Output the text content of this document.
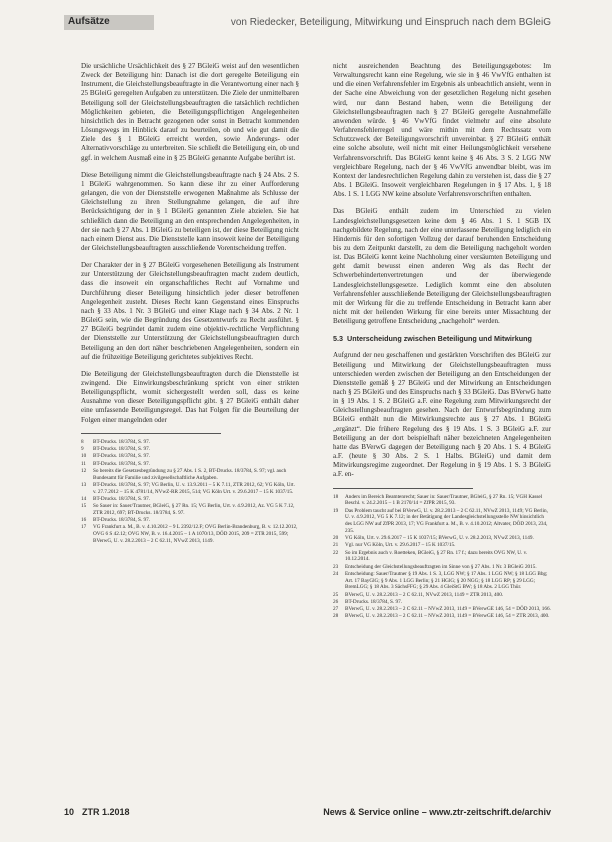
Aufsätze	von Riedecker, Beteiligung, Mitwirkung und Einspruch nach dem BGleiG

Die ursächliche Ursächlichkeit des § 27 BGleiG weist auf den wesentlichen Zweck der Beteiligung hin: Danach ist die dort geregelte Beteiligung ein Instrument, die Gleichstellungsbeauftragte in die Verantwortung einer nach § 25 BGleiG geregelten Aufgaben zu unterstützen. Die Ziele der unmittelbaren Beteiligung soll der Gleichstellungsbeauftragten die tatsächlich rechtlichen Möglichkeiten gebieten, die Beteiligungspflichtigen Angelegenheiten hinsichtlich des in Betracht gezogenen oder sonst in Betracht kommenden Lösungswegs im Hinblick darauf zu beurteilen, ob und wie gut damit die Ziele des § 1 BGleiG erreicht werden, sowie Änderungs- oder Alternativvorschläge zu unterbreiten. Sie schließt die Beteiligung ein, ob und ggf. in welchem Ausmaß eine in § 25 BGleiG genannte Aufgabe berührt ist.

Diese Beteiligung nimmt die Gleichstellungsbeauftragte nach § 24 Abs. 2 S. 1 BGleiG wahrgenommen. So kann diese ihr zu einer Aufforderung gelangen, die von der Dienststelle erwogenen Maßnahme als Schlusse der Gleichstellung zu ihren Stellungnahme gelangen, die auf ihre Berücksichtigung der in § 1 BGleiG genannten Ziele abzielen. Sie hat schließlich dann die Beteiligung an den entsprechenden Angelegenheiten, in der sie nach § 27 Abs. 1 BGleiG zu beteiligen ist, der diese Beteiligung nicht nach einem Dienst aus. Die Dienststelle kann insoweit keine der Beteiligung der Gleichstellungsbeauftragten ausschließende Vorentscheidung treffen.

Der Charakter der in § 27 BGleiG vorgesehenen Beteiligung als Instrument zur Unterstützung der Gleichstellungsbeauftragten macht zudem deutlich, dass die insoweit ein organschaftliches Recht auf Vornahme und Durchführung dieser Beteiligung hinsichtlich jeder dieser betroffenen Angelegenheit zusteht. Dieses Recht kann Gegenstand eines Einspruchs nach § 33 Abs. 1 Nr. 3 BGleiG und einer Klage nach § 34 Abs. 2 Nr. 1 BGleiG sein, wie die Begründung des Gesetzentwurfs zu Recht ausführt. § 27 BGleiG begründet damit zudem eine objektiv-rechtliche Verpflichtung der Dienststelle zur Unterstützung der Gleichstellungsbeauftragten durch Beteiligung an den dort näher beschriebenen Angelegenheiten, sondern ein auf die frühzeitige Beteiligung gerichtetes subjektives Recht.

Die Beteiligung der Gleichstellungsbeauftragten durch die Dienststelle ist zwingend. Die Einwirkungsbeschränkung spricht von einer strikten Beteiligungspflicht, womit sichergestellt werden soll, dass es keine Ausnahme von dieser Beteiligungspflicht gibt. § 27 BGleiG enthält daher eine umfassende Beteiligungsregel. Das hat Folgen für die Beurteilung der Folgen einer mangelnden oder

8	BT-Drucks. 18/3784, S. 97.

9	BT-Drucks. 18/3784, S. 97.

10	BT-Drucks. 18/3784, S. 97.

11	BT-Drucks. 18/3784, S. 97.

12	So bereits die Gesetzesbegründung zu § 27 Abs. 1 S. 2, BT-Drucks. 18/3784, S. 97; vgl. auch Bundesamt für Familie und zivilgesellschaftliche Aufgaben.

13	BT-Drucks. 18/3784, S. 97; VG Berlin, U. v. 13.9.2011 – 5 K 7.11, ZTR 2012, 62; VG Köln, Urt. v. 27.7.2012 – 15 K 4781/14, NVwZ-RR 2015, 514; VG Köln Urt. v. 29.6.2017 – 15 K 1037/15.

14	BT-Drucks. 18/3784, S. 97.

15	So Sauer in: Sauer/Trautner, BGleiG, § 27 Rn. 15; VG Berlin, Urt. v. 4.9.2012, Az. VG 5 K 7.12, ZTR 2012, 697; BT-Drucks. 18/3784, S. 97.

16	BT-Drucks. 18/3784, S. 97.

17	VG Frankfurt a. M., B. v. 4.10.2012 – 9 L 2392/12.F; OVG Berlin-Brandenburg, B. v. 12.12.2012, OVG 6 S 42.12; OVG NW, B. v. 16.4.2015 – 1 A 1070/13, DÖD 2015, 209 = ZTR 2015, 599; BVerwG, U. v. 28.2.2013 – 2 C 62.11, NVwZ 2013, 1149.

nicht ausreichenden Beachtung des Beteiligungsgebotes: Im Verwaltungsrecht kann eine Regelung, wie sie in § 46 VwVfG enthalten ist und die einen Verfahrensfehler im Ergebnis als unbeachtlich ansieht, wenn in der Sache eine Abweichung von der gesetzlichen Regelung nicht gesehen wird, nur dann Bestand haben, wenn die Beteiligung der Gleichstellungsbeauftragten nach § 27 BGleiG geregelte Ausnahmefälle anwenden würde. § 46 VwVfG findet vielmehr auf eine absolute Verfahrensfehlerregel und wäre mithin mit dem Rechtssatz vom Schutzzweck der Beteiligungsvorschrift unvereinbar. § 27 BGleiG enthält eine solche absolute, weil nicht mit einer Heilungsmöglichkeit versehene Verfahrensvorschrift. Das BGleiG kennt keine § 46 Abs. 3 S. 2 LGG NW vergleichbare Regelung, nach der § 46 VwVfG anwendbar bleibt, was im Kontext der landesrechtlichen Regelung dahin zu verstehen ist, dass die § 27 Abs. 1 BGleiG. Insoweit vergleichbaren Regelungen in § 17 Abs. 1, § 18 Abs. 1 S. 1 LGG NW keine absolute Verfahrensvorschriften enthalten.

Das BGleiG enthält zudem im Unterschied zu vielen Landesgleichstellungsgesetzen keine dem § 46 Abs. 1 S. 1 SGB IX nachgebildete Regelung, nach der eine unterlassene Beteiligung lediglich ein Hindernis für den sofortigen Vollzug der darauf beruhenden Entscheidung bis zu dem Zeitpunkt darstellt, zu dem die Beteiligung nachgeholt worden ist. Das BGleiG kennt keine Nachholung einer versäumten Beteiligung und geht damit bewusst einen anderen Weg als das Recht der Schwerbehindertenvertretungen und der überwiegende Landesgleichstellungsgesetze. Lediglich kommt eine den absoluten Verfahrensfehler ausschließende Beteiligung der Gleichstellungsbeauftragten mit der Wirkung für die zu treffende Entscheidung in Betracht kann aber nicht mit der heilenden Wirkung für eine bereits unter Missachtung der Beteiligung getroffene Entscheidung „nachgeholt“ werden.

5.3 Unterscheidung zwischen Beteiligung und Mitwirkung

Aufgrund der neu geschaffenen und gestärkten Vorschriften des BGleiG zur Beteiligung und Mitwirkung der Gleichstellungsbeauftragten muss unterschieden werden zwischen der Beteiligung an den Entscheidungen der Dienststelle gemäß § 27 BGleiG und der Mitwirkung an Entscheidungen nach § 25 BGleiG und des Einspruchs nach § 33 BGleiG. Das BVerwG hatte in § 19 Abs. 1 S. 2 BGleiG a.F. eine Regelung zum Mitwirkungsrecht der Gleichstellungsbeauftragten gesehen. Nach der Entwurfsbegründung zum BGleiG enthält nun die Mitwirkungsrechte aus § 27 Abs. 1 BGleiG „ergänzt“. Die frühere Regelung des § 19 Abs. 1 S. 3 BGleiG a.F. zur Beteiligung an der dort beispielhaft näher bezeichneten Angelegenheiten hatte das BVerwG dagegen der Beteiligung nach § 20 Abs. 1 S. 4 BGleiG a.F. (heute § 30 Abs. 2 S. 1 Halbs. BGleiG) und damit dem Mitwirkungsregime zugeordnet. Der Regelung in § 19 Abs. 1 S. 3 BGleiG a.F. en-

18	Anders im Bereich Beamtenrecht; Sauer in: Sauer/Trautner, BGleiG, § 27 Rn. 15; VGH Kassel Beschl. v. 24.2.2015 – 1 B 2170/14 = ZfPR 2015, 93.

19	Das Problem taucht auf bei BVerwG, U. v. 28.2.2013 – 2 C 62.11, NVwZ 2013, 1149; VG Berlin, U. v. 4.9.2012, VG 5 K 7.12; in der Betätigung der Landesgleichstellungsstelle NW hinsichtlich des LGG NW auf ZfPR 2013, 17; VG Frankfurt a. M., B. v. 4.10.2012; Altvater, DÖD 2013, 234, 235.

20	VG Köln, Urt. v. 29.6.2017 – 15 K 1037/15; BVerwG, U. v. 28.2.2013, NVwZ 2013, 1149.

21	Vgl. nur VG Köln, Urt. v. 29.6.2017 – 15 K 1037/15.

22	So im Ergebnis auch v. Roetteken, BGleiG, § 27 Rn. 17 f.; dazu bereits OVG NW, U. v. 10.12.2014.

23	Entscheidung der Gleichstellungsbeauftragten im Sinne von § 27 Abs. 1 Nr. 3 BGleiG 2015.

24	Entscheidung: Sauer/Trautner § 19 Abs. 1 S. 3, LGG NW; § 17 Abs. 1 LGG NW; § 18 LGG Bbg; Art. 17 BayGlG; § 9 Abs. 1 LGG Berlin; § 21 HGlG; § 20 NGG; § 18 LGG RP; § 29 LGG; BremLGG; § 18 Abs. 3 SächsFFG; § 29 Abs. 4 GleiStG BW; § 18 Abs. 2 LGG Thür.

25	BVerwG, U. v. 28.2.2013 – 2 C 62.11, NVwZ 2013, 1149 = ZTR 2013, 400.

26	BT-Drucks. 18/3784, S. 97.

27	BVerwG, U. v. 28.2.2013 – 2 C 62.11 – NVwZ 2013, 1149 = BVerwGE 146, 54 = DÖD 2013, 166.

28	BVerwG, U. v. 28.2.2013 – 2 C 62.11 – NVwZ 2013, 1149 = BVerwGE 146, 54 = ZTR 2013, 400.

10 ZTR 1.2018	News & Service online – www.ztr-zeitschrift.de/archiv
